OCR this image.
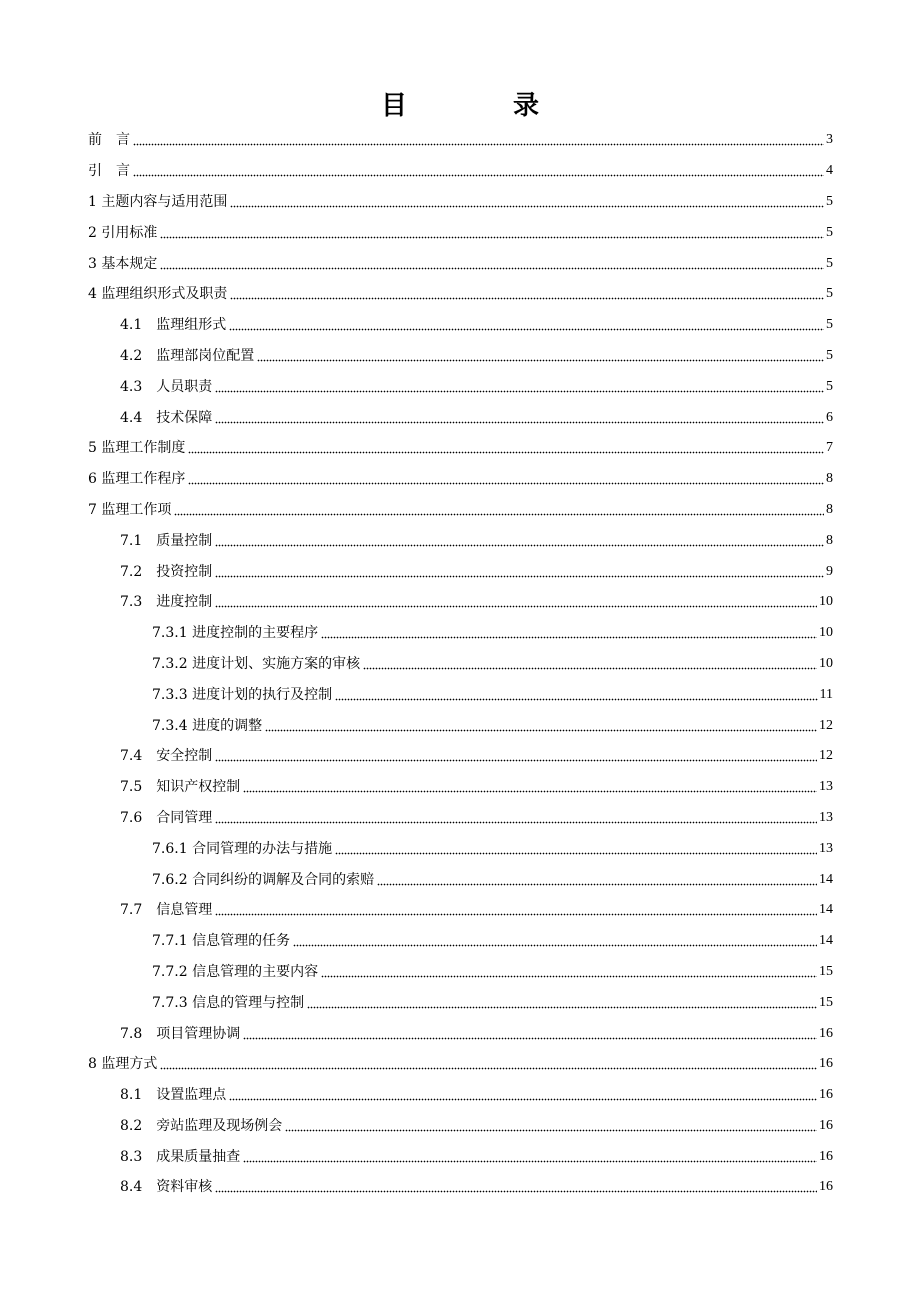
目　录
前　言	3
引　言	4
1 主题内容与适用范围	5
2 引用标准	5
3 基本规定	5
4 监理组织形式及职责	5
4.1　监理组形式	5
4.2　监理部岗位配置	5
4.3　人员职责	5
4.4　技术保障	6
5 监理工作制度	7
6 监理工作程序	8
7 监理工作项	8
7.1　质量控制	8
7.2　投资控制	9
7.3　进度控制	10
7.3.1 进度控制的主要程序	10
7.3.2 进度计划、实施方案的审核	10
7.3.3 进度计划的执行及控制	11
7.3.4 进度的调整	12
7.4　安全控制	12
7.5　知识产权控制	13
7.6　合同管理	13
7.6.1 合同管理的办法与措施	13
7.6.2 合同纠纷的调解及合同的索赔	14
7.7　信息管理	14
7.7.1 信息管理的任务	14
7.7.2 信息管理的主要内容	15
7.7.3 信息的管理与控制	15
7.8　项目管理协调	16
8 监理方式	16
8.1　设置监理点	16
8.2　旁站监理及现场例会	16
8.3　成果质量抽查	16
8.4　资料审核	16
